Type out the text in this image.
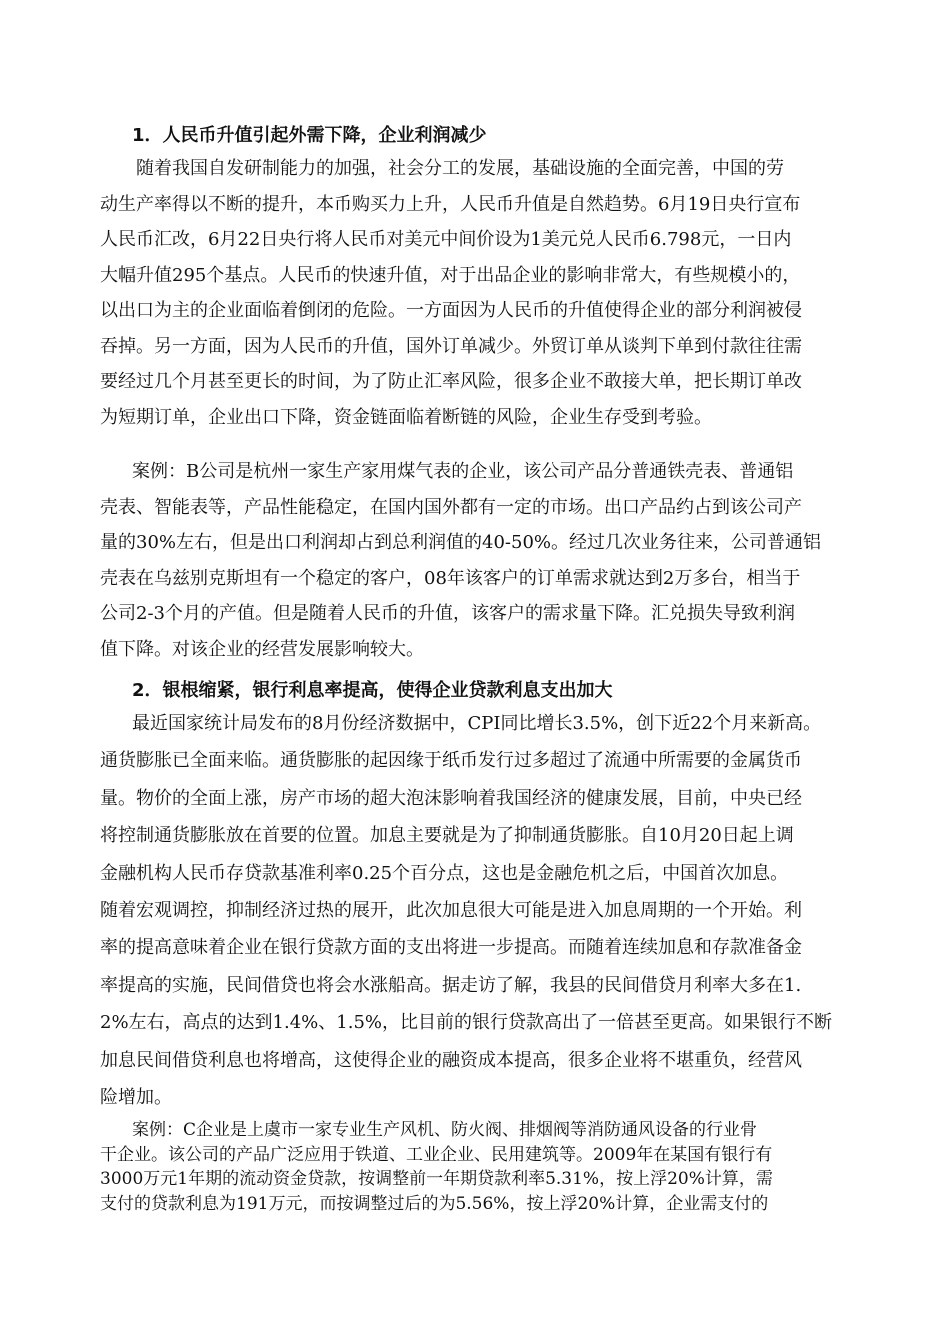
1．人民币升值引起外需下降，企业利润减少
随着我国自发研制能力的加强，社会分工的发展，基础设施的全面完善，中国的劳
动生产率得以不断的提升，本币购买力上升，人民币升值是自然趋势。6月19日央行宣布
人民币汇改，6月22日央行将人民币对美元中间价设为1美元兑人民币6.798元，一日内
大幅升值295个基点。人民币的快速升值，对于出品企业的影响非常大，有些规模小的，
以出口为主的企业面临着倒闭的危险。一方面因为人民币的升值使得企业的部分利润被侵
吞掉。另一方面，因为人民币的升值，国外订单减少。外贸订单从谈判下单到付款往往需
要经过几个月甚至更长的时间，为了防止汇率风险，很多企业不敢接大单，把长期订单改
为短期订单，企业出口下降，资金链面临着断链的风险，企业生存受到考验。
案例：B公司是杭州一家生产家用煤气表的企业，该公司产品分普通铁壳表、普通铝
壳表、智能表等，产品性能稳定，在国内国外都有一定的市场。出口产品约占到该公司产
量的30%左右，但是出口利润却占到总利润值的40-50%。经过几次业务往来，公司普通铝
壳表在乌兹别克斯坦有一个稳定的客户，08年该客户的订单需求就达到2万多台，相当于
公司2-3个月的产值。但是随着人民币的升值，该客户的需求量下降。汇兑损失导致利润
值下降。对该企业的经营发展影响较大。
2．银根缩紧，银行利息率提高，使得企业贷款利息支出加大
最近国家统计局发布的8月份经济数据中，CPI同比增长3.5%，创下近22个月来新高。
通货膨胀已全面来临。通货膨胀的起因缘于纸币发行过多超过了流通中所需要的金属货币
量。物价的全面上涨，房产市场的超大泡沫影响着我国经济的健康发展，目前，中央已经
将控制通货膨胀放在首要的位置。加息主要就是为了抑制通货膨胀。自10月20日起上调
金融机构人民币存贷款基准利率0.25个百分点，这也是金融危机之后，中国首次加息。
随着宏观调控，抑制经济过热的展开，此次加息很大可能是进入加息周期的一个开始。利
率的提高意味着企业在银行贷款方面的支出将进一步提高。而随着连续加息和存款准备金
率提高的实施，民间借贷也将会水涨船高。据走访了解，我县的民间借贷月利率大多在1.
2%左右，高点的达到1.4%、1.5%，比目前的银行贷款高出了一倍甚至更高。如果银行不断
加息民间借贷利息也将增高，这使得企业的融资成本提高，很多企业将不堪重负，经营风
险增加。
案例：C企业是上虞市一家专业生产风机、防火阀、排烟阀等消防通风设备的行业骨
干企业。该公司的产品广泛应用于铁道、工业企业、民用建筑等。2009年在某国有银行有
3000万元1年期的流动资金贷款，按调整前一年期贷款利率5.31%，按上浮20%计算，需
支付的贷款利息为191万元，而按调整过后的为5.56%，按上浮20%计算，企业需支付的
